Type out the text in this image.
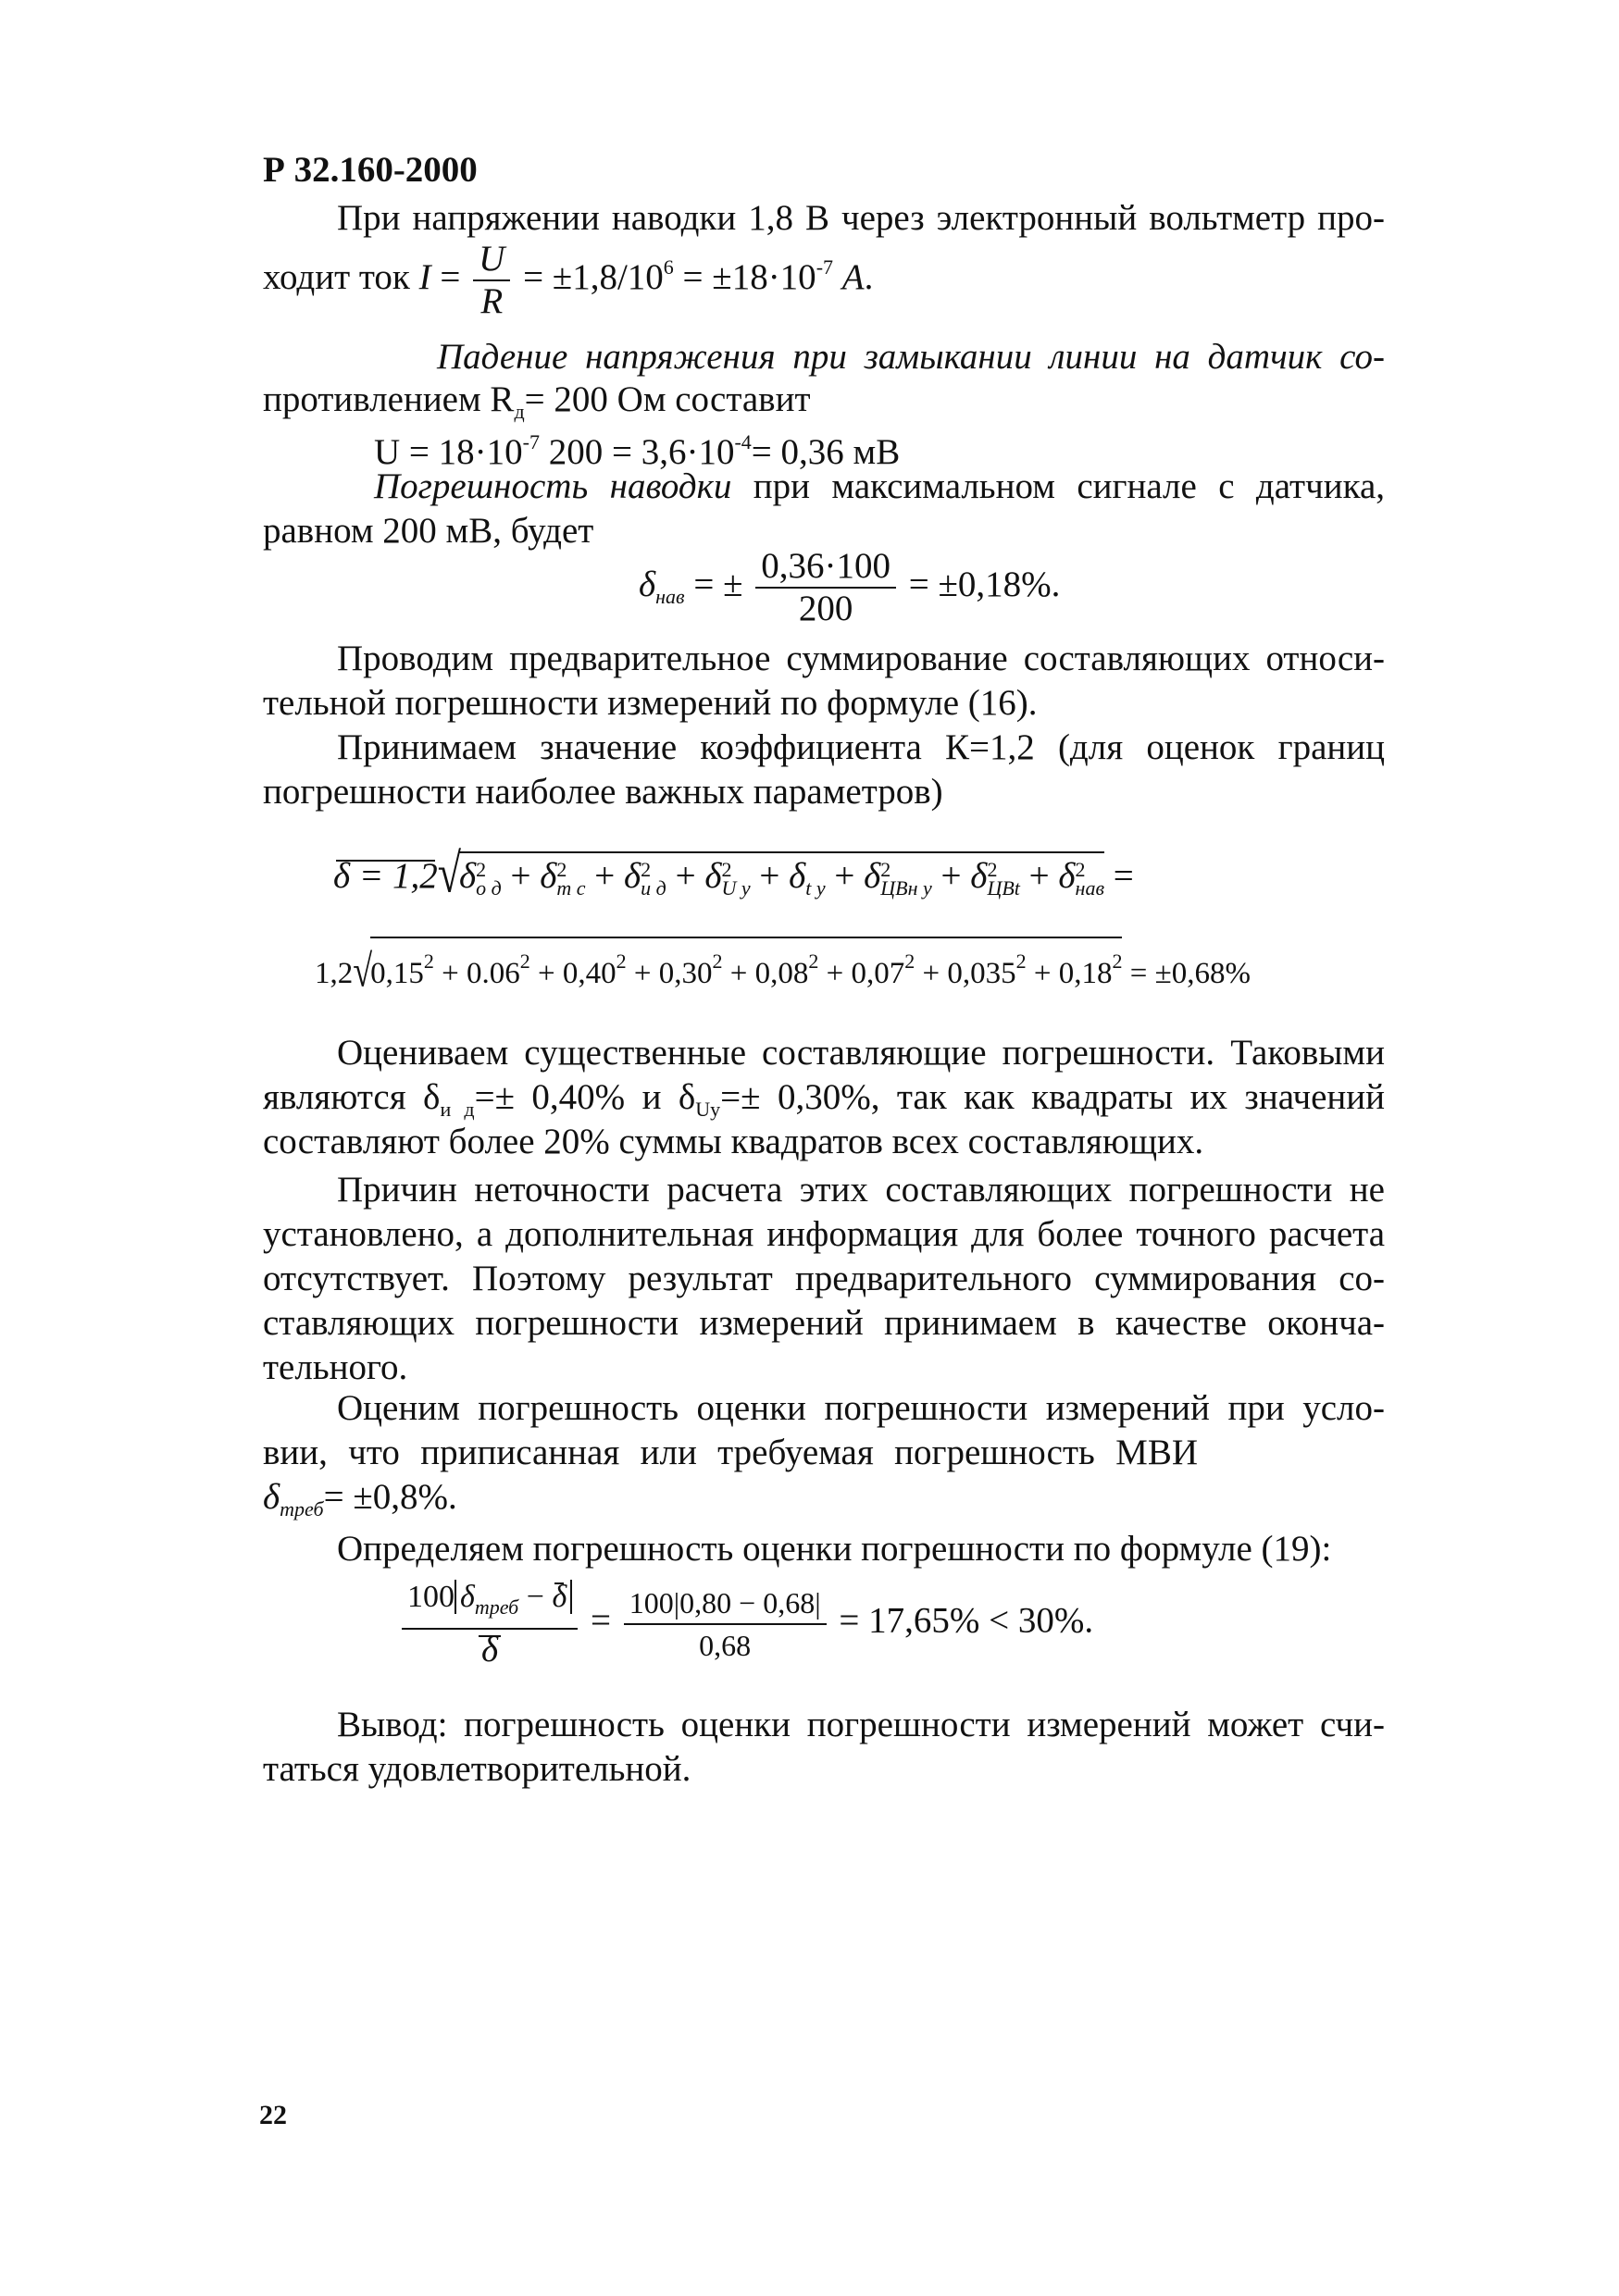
Р 32.160-2000
При напряжении наводки 1,8 В через электронный вольтметр про-
ходит ток $I = \frac{U}{R} = \pm 1,8/10^6 = \pm 18\cdot 10^{-7}$ A.
Падение напряжения при замыкании линии на датчик со-
противлением $R_д= 200$ Ом составит
$U = 18\cdot 10^{-7}$ $200 = 3,6\cdot 10^{-4}= 0,36$ мВ
Погрешность наводки при максимальном сигнале с датчика,
равном 200 мВ, будет
$\delta_{нав}$ = ± $\frac{0,36\cdot 100}{200} = \pm 0,18\%$.
Проводим предварительное суммирование составляющих относи-
тельной погрешности измерений по формуле (16).
Принимаем значение коэффициента К=1,2 (для оценок границ
погрешности наиболее важных параметров)
δ = 1,2√δ 2
о д + δ 2
т с + δ 2
и д + δ 2
U у + δ
t у + δ 2
ЦВн у + δ 2
ЦВt + δ 2
нав =
$1,2√0,15^2 + 0.06^2 + 0,40^2 + 0,30^2 + 0,08^2 + 0,07^2 + 0,035^2 + 0,18^2 = \pm 0,68\%$
Оцениваем существенные составляющие погрешности. Таковыми
являются $\delta_{и д}=\pm 0,40\%$ и $\delta_{Uy}=\pm 0,30\%$, так как квадраты их значений
составляют более 20% суммы квадратов всех составляющих.
Причин неточности расчета этих составляющих погрешности не
установлено, а дополнительная информация для более точного расчета
отсутствует. Поэтому результат предварительного суммирования со-
ставляющих погрешности измерений принимаем в качестве оконча-
тельного.
Оценим погрешность оценки погрешности измерений при усло-
вии, что приписанная или требуемая погрешность МВИ
$\delta_{треб}= \pm 0,8\%$.
Определяем погрешность оценки погрешности по формуле (19):
$\frac{100 \delta_{треб} - \delta}{\delta} = \frac{100|0,80 - 0,68|}{0,68} = 17,65\% < 30\%$.
Вывод: погрешность оценки погрешности измерений может счи-
таться удовлетворительной.
22
